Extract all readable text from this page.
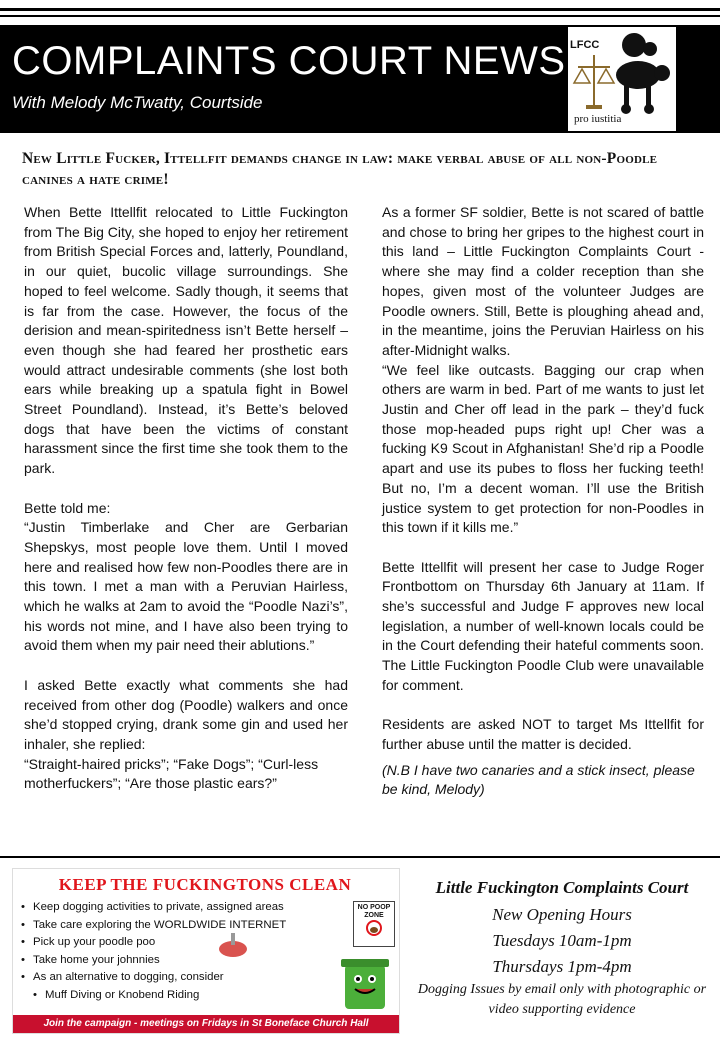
COMPLAINTS COURT NEWS
With Melody McTwatty, Courtside
LFCC
pro iustitia
New Little Fucker, Ittellfit demands change in law: make verbal abuse of all non-Poodle canines a hate crime!

When Bette Ittellfit relocated to Little Fuckington from The Big City, she hoped to enjoy her retirement from British Special Forces and, latterly, Poundland, in our quiet, bucolic village surroundings. She hoped to feel welcome. Sadly though, it seems that is far from the case. However, the focus of the derision and mean-spiritedness isn’t Bette herself – even though she had feared her prosthetic ears would attract undesirable comments (she lost both ears while breaking up a spatula fight in Bowel Street Poundland). Instead, it’s Bette’s beloved dogs that have been the victims of constant harassment since the first time she took them to the park.

Bette told me:

“Justin Timberlake and Cher are Gerbarian Shepskys, most people love them. Until I moved here and realised how few non-Poodles there are in this town. I met a man with a Peruvian Hairless, which he walks at 2am to avoid the “Poodle Nazi’s”, his words not mine, and I have also been trying to avoid them when my pair need their ablutions.”

I asked Bette exactly what comments she had received from other dog (Poodle) walkers and once she’d stopped crying, drank some gin and used her inhaler, she replied:

“Straight-haired pricks”; “Fake Dogs”; “Curl-less motherfuckers”; “Are those plastic ears?”

As a former SF soldier, Bette is not scared of battle and chose to bring her gripes to the highest court in this land – Little Fuckington Complaints Court - where she may find a colder reception than she hopes, given most of the volunteer Judges are Poodle owners. Still, Bette is ploughing ahead and, in the meantime, joins the Peruvian Hairless on his after-Midnight walks.

“We feel like outcasts. Bagging our crap when others are warm in bed. Part of me wants to just let Justin and Cher off lead in the park – they’d fuck those mop-headed pups right up! Cher was a fucking K9 Scout in Afghanistan! She’d rip a Poodle apart and use its pubes to floss her fucking teeth! But no, I’m a decent woman. I’ll use the British justice system to get protection for non-Poodles in this town if it kills me.”

Bette Ittellfit will present her case to Judge Roger Frontbottom on Thursday 6th January at 11am. If she’s successful and Judge F approves new local legislation, a number of well-known locals could be in the Court defending their hateful comments soon. The Little Fuckington Poodle Club were unavailable for comment.

Residents are asked NOT to target Ms Ittellfit for further abuse until the matter is decided.

(N.B I have two canaries and a stick insect, please be kind, Melody)

KEEP THE FUCKINGTONS CLEAN
• Keep dogging activities to private, assigned areas
• Take care exploring the WORLDWIDE INTERNET
• Pick up your poodle poo
• Take home your johnnies
• As an alternative to dogging, consider
• Muff Diving or Knobend Riding
NO POOP ZONE
Join the campaign - meetings on Fridays in St Boneface Church Hall
Little Fuckington Complaints Court
New Opening Hours
Tuesdays 10am-1pm
Thursdays 1pm-4pm
Dogging Issues by email only with photographic or video supporting evidence
